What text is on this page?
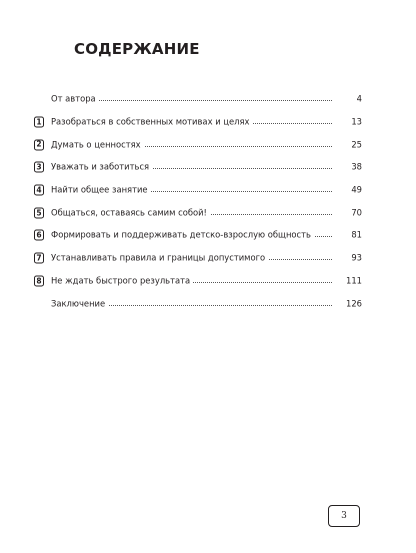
СОДЕРЖАНИЕ
От автора	4
1 Разобраться в собственных мотивах и целях	13
2 Думать о ценностях	25
3 Уважать и заботиться	38
4 Найти общее занятие	49
5 Общаться, оставаясь самим собой!	70
6 Формировать и поддерживать детско-взрослую общность	81
7 Устанавливать правила и границы допустимого	93
8 Не ждать быстрого результата	111
Заключение	126
3
